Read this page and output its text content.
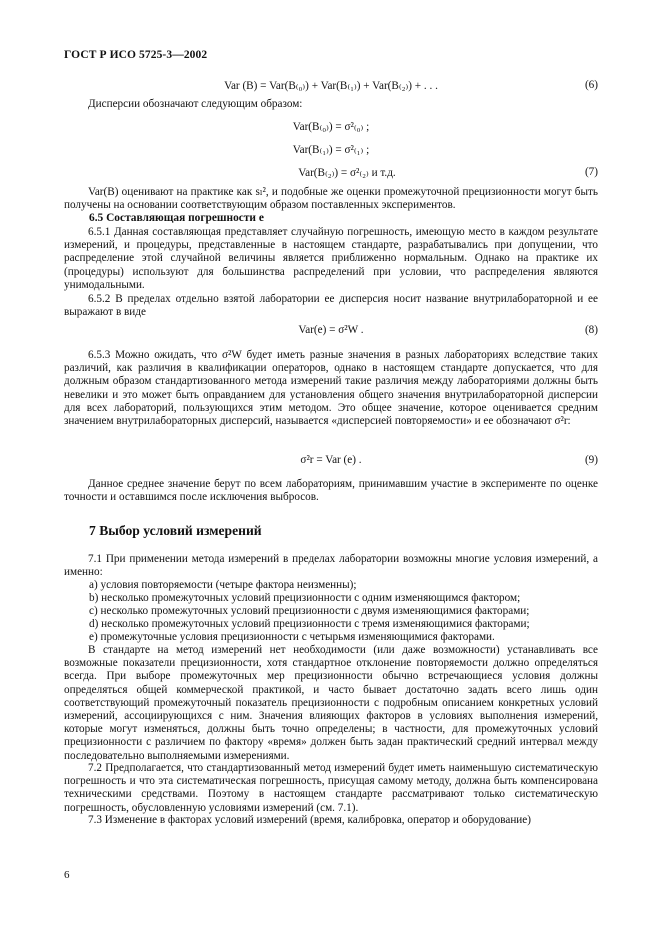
ГОСТ Р ИСО 5725-3—2002
Var (B) = Var(B₍₀₎) + Var(B₍₁₎) + Var(B₍₂₎) + . . .	(6)

Дисперсии обозначают следующим образом:

Var(B₍₀₎) = σ²₍₀₎ ;
Var(B₍₁₎) = σ²₍₁₎ ;
Var(B₍₂₎) = σ²₍₂₎ и т.д.	(7)

Var(B) оценивают на практике как sₗ², и подобные же оценки промежуточной прецизионности могут быть получены на основании соответствующим образом поставленных экспериментов.

6.5 Составляющая погрешности e

6.5.1 Данная составляющая представляет случайную погрешность, имеющую место в каждом результате измерений, и процедуры, представленные в настоящем стандарте, разрабатывались при допущении, что распределение этой случайной величины является приближенно нормальным. Однако на практике их (процедуры) используют для большинства распределений при условии, что распределения являются унимодальными.

6.5.2 В пределах отдельно взятой лаборатории ее дисперсия носит название внутрилабораторной и ее выражают в виде

Var(e) = σ²W .	(8)

6.5.3 Можно ожидать, что σ²W будет иметь разные значения в разных лабораториях вследствие таких различий, как различия в квалификации операторов, однако в настоящем стандарте допускается, что для должным образом стандартизованного метода измерений такие различия между лабораториями должны быть невелики и это может быть оправданием для установления общего значения внутрилабораторной дисперсии для всех лабораторий, пользующихся этим методом. Это общее значение, которое оценивается средним значением внутрилабораторных дисперсий, называется «дисперсией повторяемости» и ее обозначают σ²r:

σ²r = Var (e) .	(9)

Данное среднее значение берут по всем лабораториям, принимавшим участие в эксперименте по оценке точности и оставшимся после исключения выбросов.

7 Выбор условий измерений

7.1 При применении метода измерений в пределах лаборатории возможны многие условия измерений, а именно:

a) условия повторяемости (четыре фактора неизменны);
b) несколько промежуточных условий прецизионности с одним изменяющимся фактором;
c) несколько промежуточных условий прецизионности с двумя изменяющимися факторами;
d) несколько промежуточных условий прецизионности с тремя изменяющимися факторами;
e) промежуточные условия прецизионности с четырьмя изменяющимися факторами.

В стандарте на метод измерений нет необходимости (или даже возможности) устанавливать все возможные показатели прецизионности, хотя стандартное отклонение повторяемости должно определяться всегда. При выборе промежуточных мер прецизионности обычно встречающиеся условия должны определяться общей коммерческой практикой, и часто бывает достаточно задать всего лишь один соответствующий промежуточный показатель прецизионности с подробным описанием конкретных условий измерений, ассоциирующихся с ним. Значения влияющих факторов в условиях выполнения измерений, которые могут изменяться, должны быть точно определены; в частности, для промежуточных условий прецизионности с различием по фактору «время» должен быть задан практический средний интервал между последовательно выполняемыми измерениями.

7.2 Предполагается, что стандартизованный метод измерений будет иметь наименьшую систематическую погрешность и что эта систематическая погрешность, присущая самому методу, должна быть компенсирована техническими средствами. Поэтому в настоящем стандарте рассматривают только систематическую погрешность, обусловленную условиями измерений (см. 7.1).

7.3 Изменение в факторах условий измерений (время, калибровка, оператор и оборудование)

6
